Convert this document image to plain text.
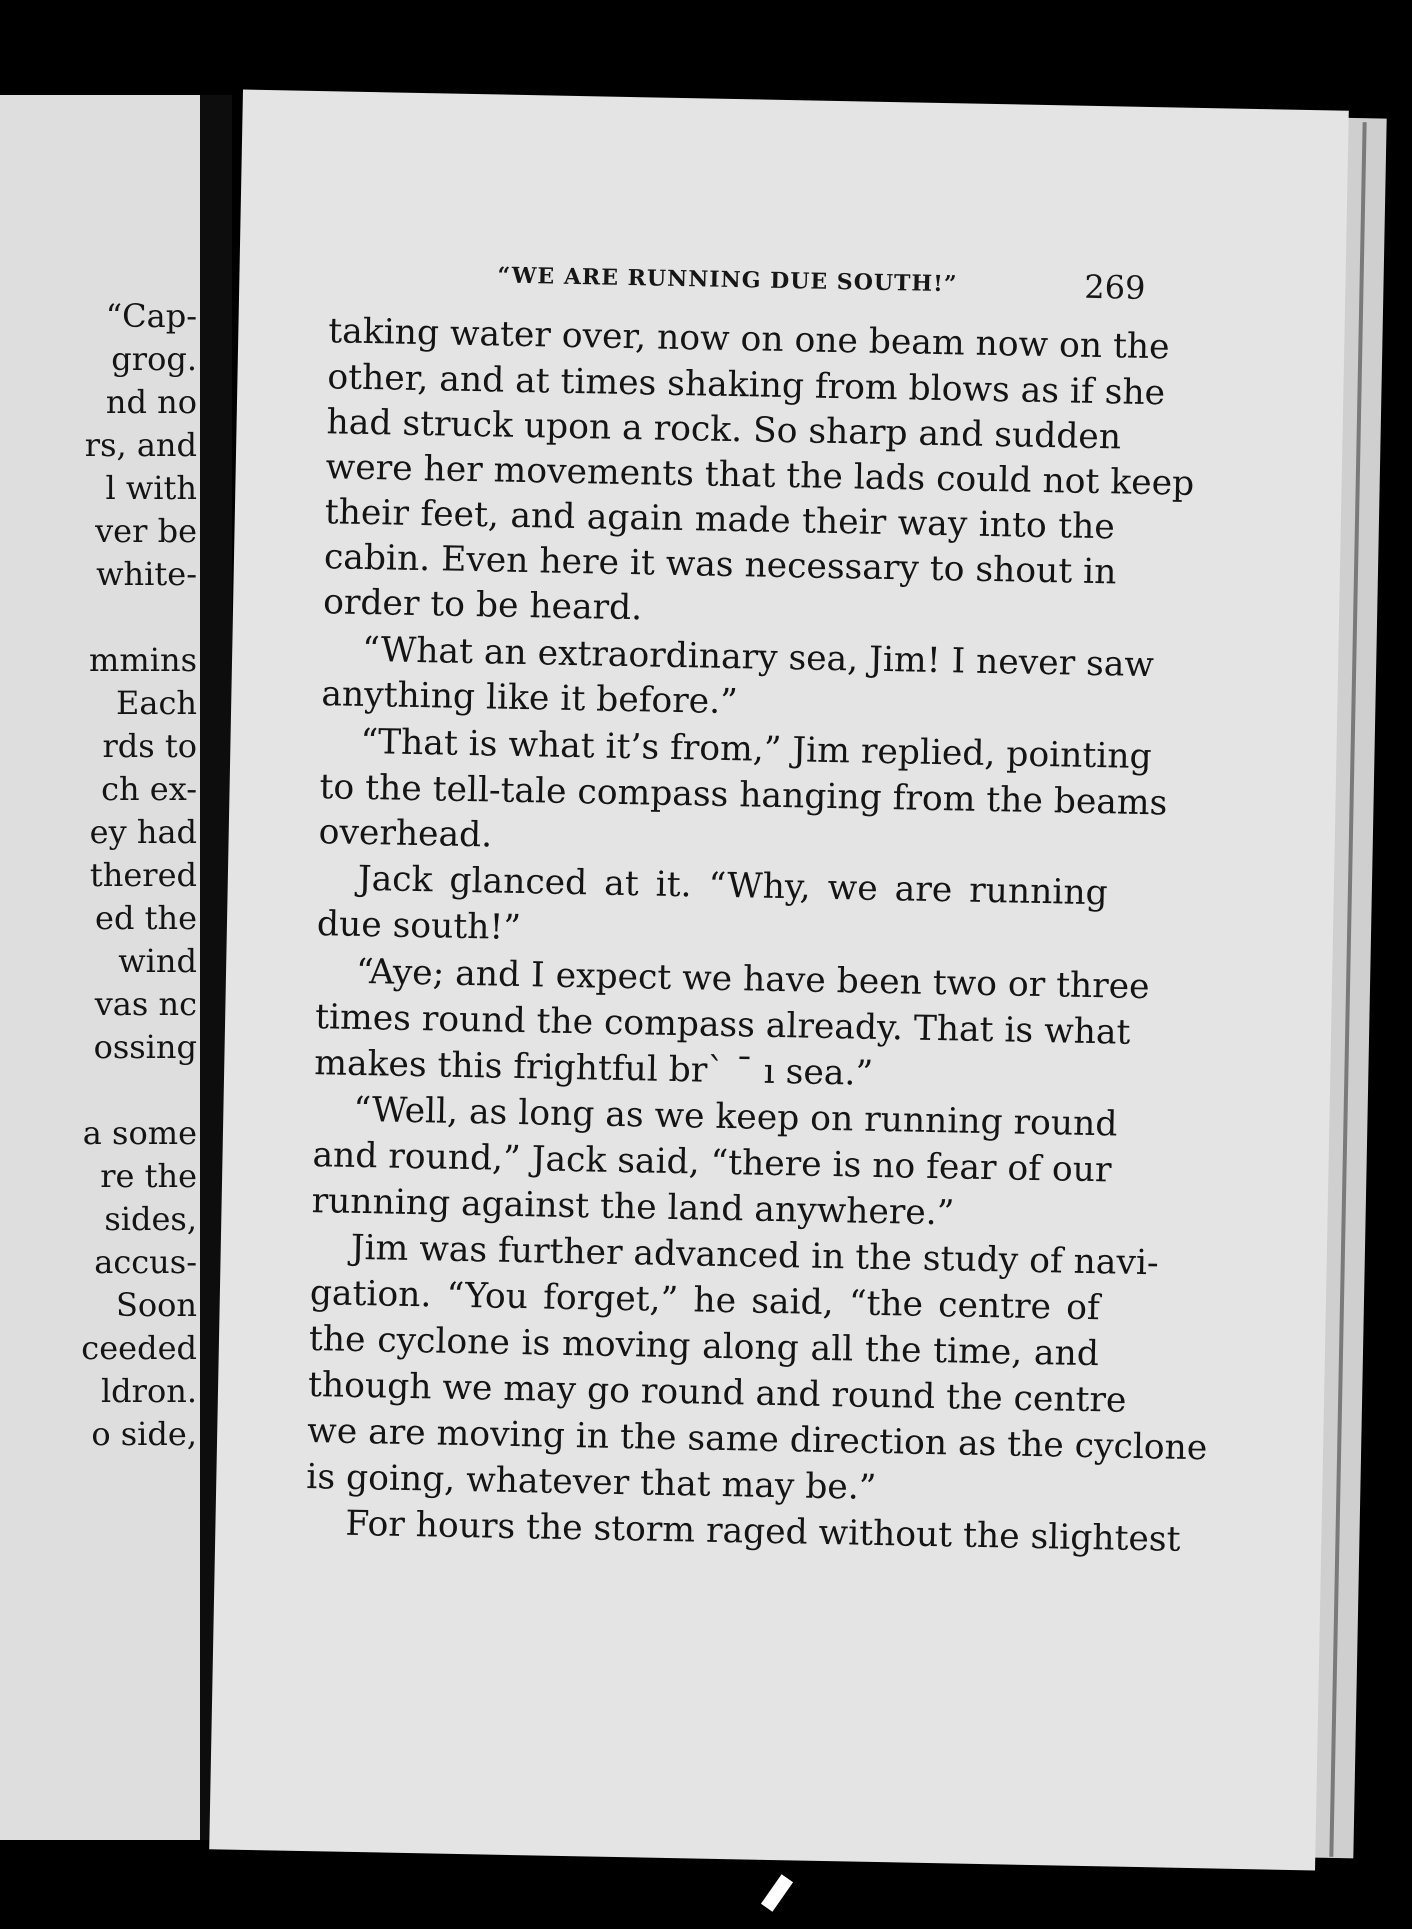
“Cap-
grog.
nd no
rs, and
l with
ver be
white-
mmins
Each
rds to
ch ex-
ey had
thered
ed the
wind
vas nc
ossing
a some
re the
sides,
accus-
Soon
ceeded
ldron.
o side,
“WE ARE RUNNING DUE SOUTH!”	269
taking water over, now on one beam now on the
other, and at times shaking from blows as if she
had struck upon a rock. So sharp and sudden
were her movements that the lads could not keep
their feet, and again made their way into the
cabin. Even here it was necessary to shout in
order to be heard.
“What an extraordinary sea, Jim! I never saw
anything like it before.”
“That is what it’s from,” Jim replied, pointing
to the tell-tale compass hanging from the beams
overhead.
Jack glanced at it. “Why, we are running
due south!”
“Aye; and I expect we have been two or three
times round the compass already. That is what
makes this frightful brˋ ˉ ı sea.”
“Well, as long as we keep on running round
and round,” Jack said, “there is no fear of our
running against the land anywhere.”
Jim was further advanced in the study of navi-
gation. “You forget,” he said, “the centre of
the cyclone is moving along all the time, and
though we may go round and round the centre
we are moving in the same direction as the cyclone
is going, whatever that may be.”
For hours the storm raged without the slightest
